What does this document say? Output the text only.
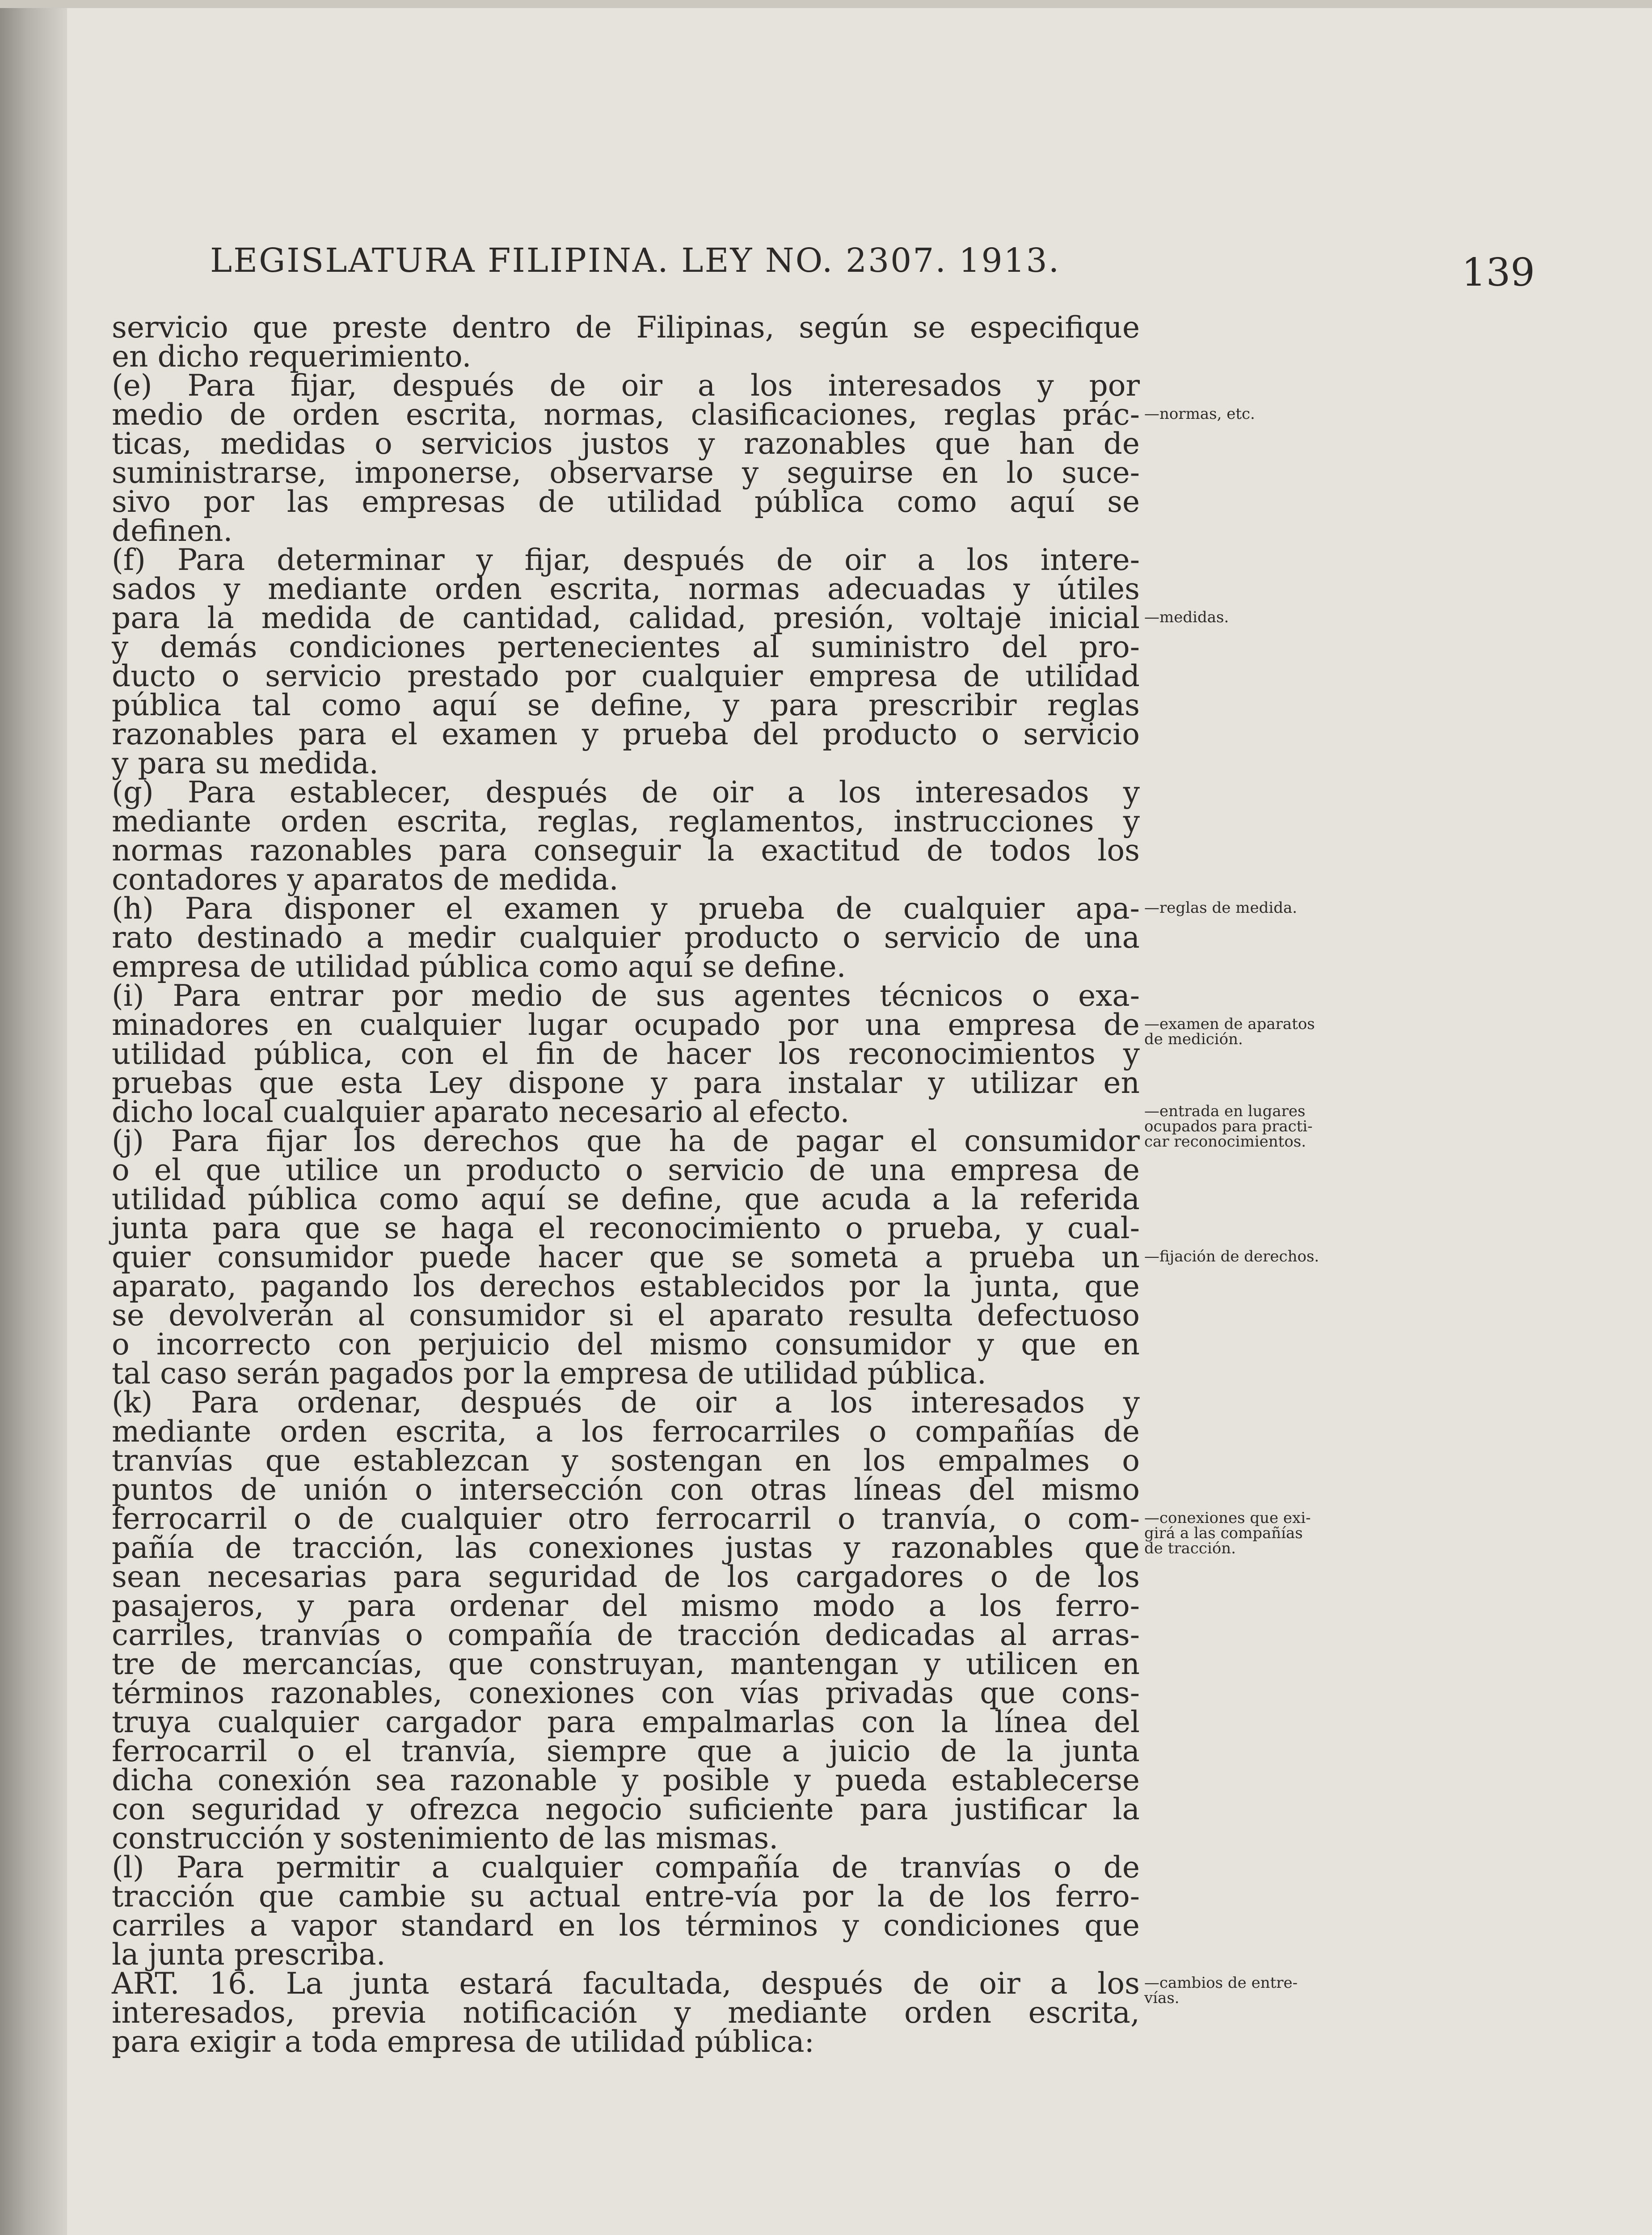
LEGISLATURA FILIPINA. LEY NO. 2307. 1913.	139
servicio que preste dentro de Filipinas, según se especifique
en dicho requerimiento.
(e) Para fijar, después de oir a los interesados y por
medio de orden escrita, normas, clasificaciones, reglas prác-
ticas, medidas o servicios justos y razonables que han de
suministrarse, imponerse, observarse y seguirse en lo suce-
sivo por las empresas de utilidad pública como aquí se
definen.
(f) Para determinar y fijar, después de oir a los intere-
sados y mediante orden escrita, normas adecuadas y útiles
para la medida de cantidad, calidad, presión, voltaje inicial
y demás condiciones pertenecientes al suministro del pro-
ducto o servicio prestado por cualquier empresa de utilidad
pública tal como aquí se define, y para prescribir reglas
razonables para el examen y prueba del producto o servicio
y para su medida.
(g) Para establecer, después de oir a los interesados y
mediante orden escrita, reglas, reglamentos, instrucciones y
normas razonables para conseguir la exactitud de todos los
contadores y aparatos de medida.
(h) Para disponer el examen y prueba de cualquier apa-
rato destinado a medir cualquier producto o servicio de una
empresa de utilidad pública como aquí se define.
(i) Para entrar por medio de sus agentes técnicos o exa-
minadores en cualquier lugar ocupado por una empresa de
utilidad pública, con el fin de hacer los reconocimientos y
pruebas que esta Ley dispone y para instalar y utilizar en
dicho local cualquier aparato necesario al efecto.
(j) Para fijar los derechos que ha de pagar el consumidor
o el que utilice un producto o servicio de una empresa de
utilidad pública como aquí se define, que acuda a la referida
junta para que se haga el reconocimiento o prueba, y cual-
quier consumidor puede hacer que se someta a prueba un
aparato, pagando los derechos establecidos por la junta, que
se devolverán al consumidor si el aparato resulta defectuoso
o incorrecto con perjuicio del mismo consumidor y que en
tal caso serán pagados por la empresa de utilidad pública.
(k) Para ordenar, después de oir a los interesados y
mediante orden escrita, a los ferrocarriles o compañías de
tranvías que establezcan y sostengan en los empalmes o
puntos de unión o intersección con otras líneas del mismo
ferrocarril o de cualquier otro ferrocarril o tranvía, o com-
pañía de tracción, las conexiones justas y razonables que
sean necesarias para seguridad de los cargadores o de los
pasajeros, y para ordenar del mismo modo a los ferro-
carriles, tranvías o compañía de tracción dedicadas al arras-
tre de mercancías, que construyan, mantengan y utilicen en
términos razonables, conexiones con vías privadas que cons-
truya cualquier cargador para empalmarlas con la línea del
ferrocarril o el tranvía, siempre que a juicio de la junta
dicha conexión sea razonable y posible y pueda establecerse
con seguridad y ofrezca negocio suficiente para justificar la
construcción y sostenimiento de las mismas.
(l) Para permitir a cualquier compañía de tranvías o de
tracción que cambie su actual entre-vía por la de los ferro-
carriles a vapor standard en los términos y condiciones que
la junta prescriba.
ART. 16. La junta estará facultada, después de oir a los
interesados, previa notificación y mediante orden escrita,
para exigir a toda empresa de utilidad pública:
—normas, etc.
—medidas.
—reglas de medida.
—examen de aparatos
de medición.
—entrada en lugares
ocupados para practi-
car reconocimientos.
—fijación de derechos.
—conexiones que exi-
girá a las compañías
de tracción.
—cambios de entre-
vías.
